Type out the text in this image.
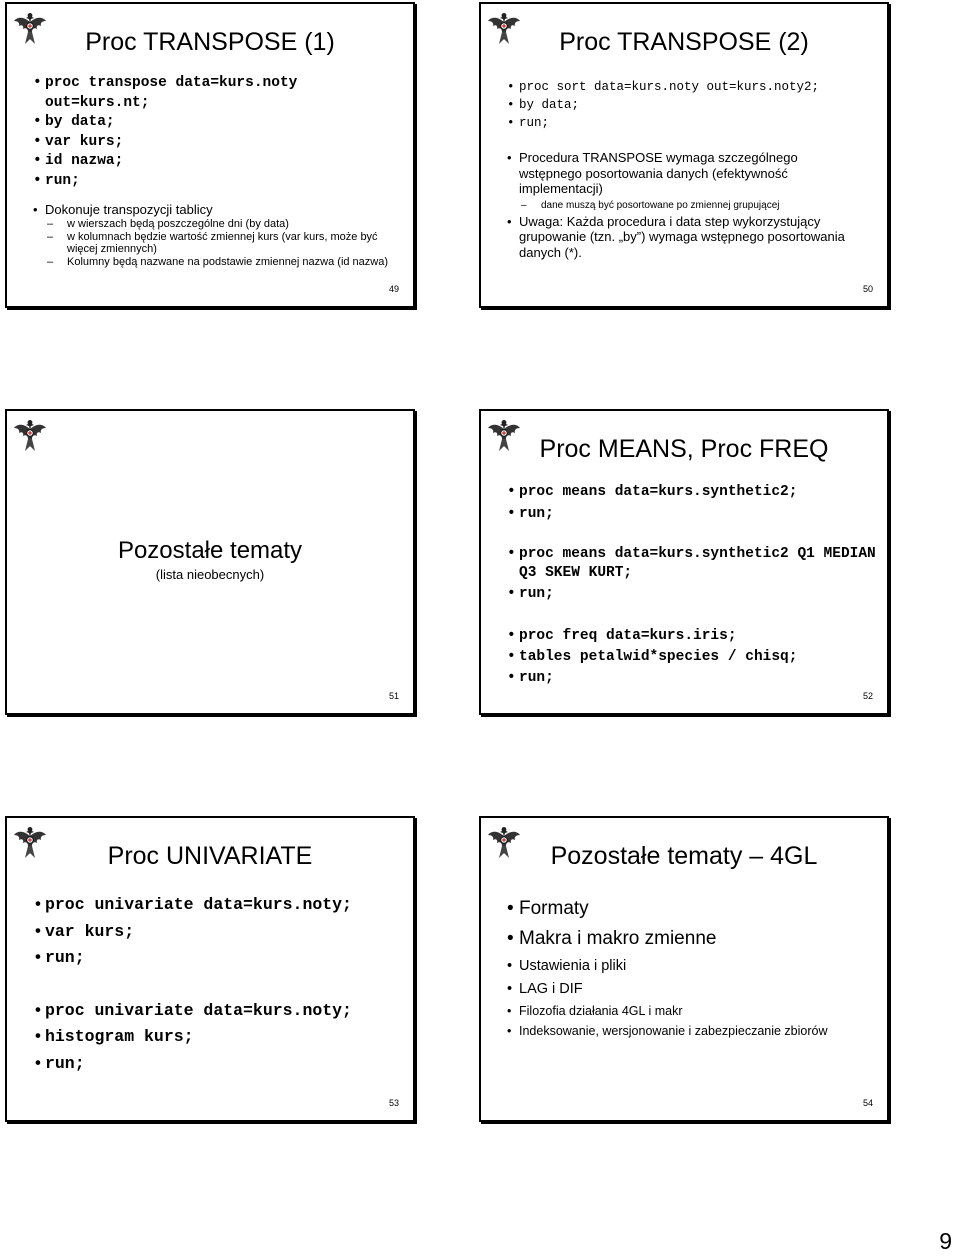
Proc TRANSPOSE (1)
• proc transpose data=kurs.noty out=kurs.nt;
• by data;
• var kurs;
• id nazwa;
• run;
• Dokonuje transpozycji tablicy
– w wierszach będą poszczególne dni (by data)
– w kolumnach będzie wartość zmiennej kurs (var kurs, może być więcej zmiennych)
– Kolumny będą nazwane na podstawie zmiennej nazwa (id nazwa)
49
Proc TRANSPOSE (2)
• proc sort data=kurs.noty out=kurs.noty2;
• by data;
• run;
• Procedura TRANSPOSE wymaga szczególnego wstępnego posortowania danych (efektywność implementacji)
– dane muszą być posortowane po zmiennej grupującej
• Uwaga: Każda procedura i data step wykorzystujący grupowanie (tzn. „by”) wymaga wstępnego posortowania danych (*).
50
Pozostałe tematy
(lista nieobecnych)
51
Proc MEANS, Proc FREQ
• proc means data=kurs.synthetic2;
• run;
• proc means data=kurs.synthetic2 Q1 MEDIAN Q3 SKEW KURT;
• run;
• proc freq data=kurs.iris;
• tables petalwid*species / chisq;
• run;
52
Proc UNIVARIATE
• proc univariate data=kurs.noty;
• var kurs;
• run;
• proc univariate data=kurs.noty;
• histogram kurs;
• run;
53
Pozostałe tematy – 4GL
• Formaty
• Makra i makro zmienne
• Ustawienia i pliki
• LAG i DIF
• Filozofia działania 4GL i makr
• Indeksowanie, wersjonowanie i zabezpieczanie zbiorów
54
9
